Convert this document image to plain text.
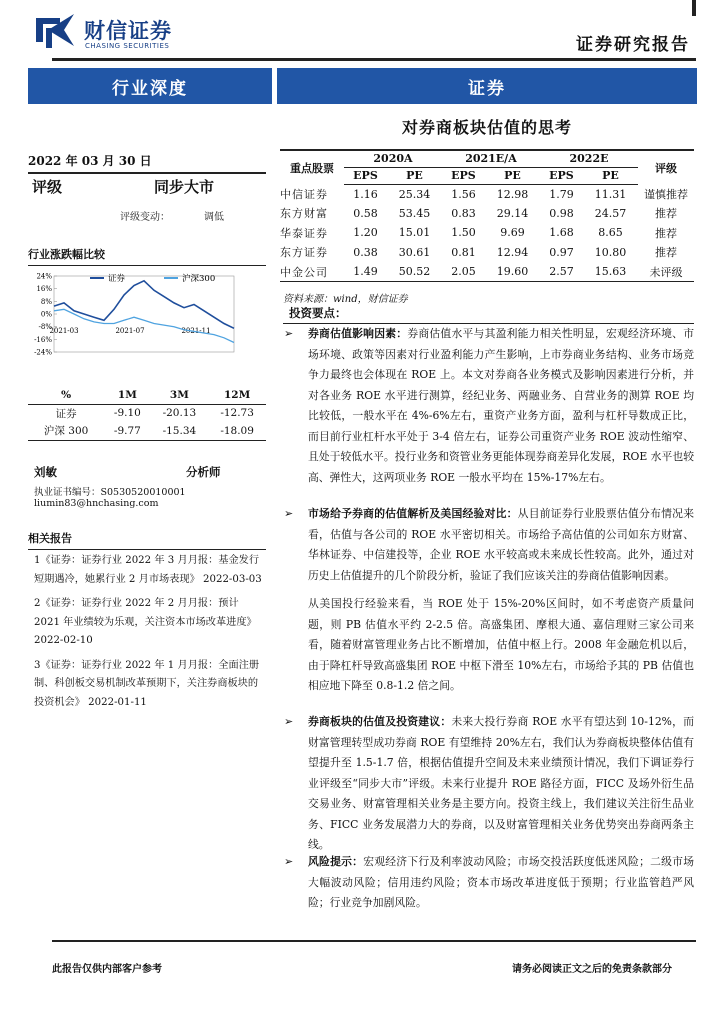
财信证券
CHASING SECURITIES	证券研究报告
行业深度	证券
对券商板块估值的思考
2022 年 03 月 30 日
评级	同步大市
评级变动：	调低
行业涨跌幅比较
24%
16%
8%
0%
-8%
-16%
-24%
2021-03	2021-07	2021-11
证券	沪深300
%	1M	3M	12M
证券	-9.10	-20.13	-12.73
沪深 300	-9.77	-15.34	-18.09
刘敏	分析师
执业证书编号：S0530520010001
liumin83@hnchasing.com
相关报告

1《证券：证券行业 2022 年 3 月月报：基金发行短期遇冷，她累行业 2 月市场表现》 2022-03-03

2《证券：证券行业 2022 年 2 月月报：预计 2021 年业绩较为乐观，关注资本市场改革进度》 2022-02-10

3《证券：证券行业 2022 年 1 月月报：全面注册制、科创板交易机制改革预期下，关注券商板块的投资机会》 2022-01-11

重点股票	2020A		2021E/A		2022E		评级
	EPS	PE	EPS	PE	EPS	PE	
中信证券	1.16	25.34	1.56	12.98	1.79	11.31	谨慎推荐
东方财富	0.58	53.45	0.83	29.14	0.98	24.57	推荐
华泰证券	1.20	15.01	1.50	9.69	1.68	8.65	推荐
东方证券	0.38	30.61	0.81	12.94	0.97	10.80	推荐
中金公司	1.49	50.52	2.05	19.60	2.57	15.63	未评级
资料来源：wind，财信证券
投资要点：
➢	券商估值影响因素：券商估值水平与其盈利能力相关性明显，宏观经济环境、市场环境、政策等因素对行业盈利能力产生影响，上市券商业务结构、业务市场竞争力最终也会体现在 ROE 上。本文对券商各业务模式及影响因素进行分析，并对各业务 ROE 水平进行测算，经纪业务、两融业务、自营业务的测算 ROE 均比较低，一般水平在 4%-6%左右，重资产业务方面，盈利与杠杆导数成正比，而目前行业杠杆水平处于 3-4 倍左右，证券公司重资产业务 ROE 波动性缩窄、且处于较低水平。投行业务和资管业务更能体现券商差异化发展，ROE 水平也较高、弹性大，这两项业务 ROE 一般水平均在 15%-17%左右。
➢	市场给予券商的估值解析及美国经验对比：从目前证券行业股票估值分布情况来看，估值与各公司的 ROE 水平密切相关。市场给予高估值的公司如东方财富、华林证券、中信建投等，企业 ROE 水平较高或未来成长性较高。此外，通过对历史上估值提升的几个阶段分析，验证了我们应该关注的券商估值影响因素。
从美国投行经验来看，当 ROE 处于 15%-20%区间时，如不考虑资产质量问题，则 PB 估值水平约 2-2.5 倍。高盛集团、摩根大通、嘉信理财三家公司来看，随着财富管理业务占比不断增加，估值中枢上行。2008 年金融危机以后，由于降杠杆导致高盛集团 ROE 中枢下滑至 10%左右，市场给予其的 PB 估值也相应地下降至 0.8-1.2 倍之间。
➢	券商板块的估值及投资建议：未来大投行券商 ROE 水平有望达到 10-12%，而财富管理转型成功券商 ROE 有望维持 20%左右，我们认为券商板块整体估值有望提升至 1.5-1.7 倍，根据估值提升空间及未来业绩预计情况，我们下调证券行业评级至“同步大市”评级。未来行业提升 ROE 路径方面，FICC 及场外衍生品交易业务、财富管理相关业务是主要方向。投资主线上，我们建议关注衍生品业务、FICC 业务发展潜力大的券商，以及财富管理相关业务优势突出券商两条主线。
➢	风险提示：宏观经济下行及利率波动风险；市场交投活跃度低迷风险；二级市场大幅波动风险；信用违约风险；资本市场改革进度低于预期；行业监管趋严风险；行业竞争加剧风险。
此报告仅供内部客户参考	请务必阅读正文之后的免责条款部分
